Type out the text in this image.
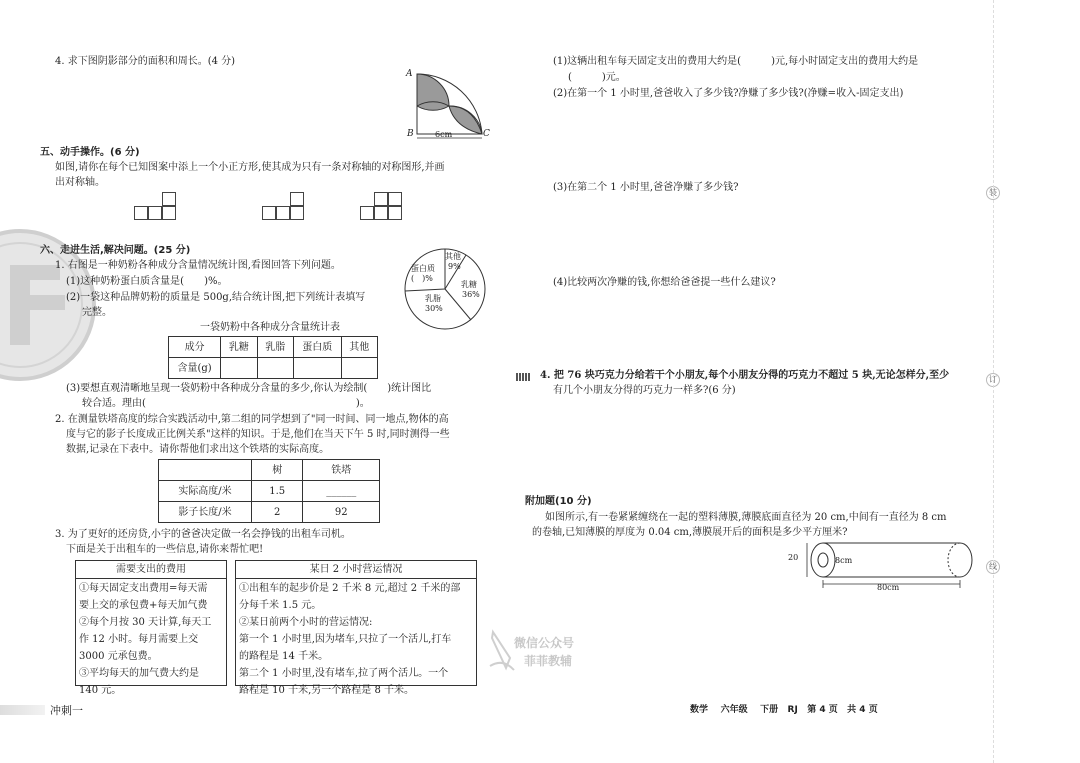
4. 求下图阴影部分的面积和周长。(4 分)
A
B	C
6cm
五、动手操作。(6 分)
如图,请你在每个已知图案中添上一个小正方形,使其成为只有一条对称轴的对称图形,并画
出对称轴。
六、走进生活,解决问题。(25 分)
1. 右图是一种奶粉各种成分含量情况统计图,看图回答下列问题。
(1)这种奶粉蛋白质含量是(　　)%。
(2)一袋这种品牌奶粉的质量是 500g,结合统计图,把下列统计表填写
完整。
其他
9%
乳糖
36%
乳脂
30%
蛋白质
(　)%
一袋奶粉中各种成分含量统计表
成分	乳糖	乳脂	蛋白质	其他
含量(g)				
(3)要想直观清晰地呈现一袋奶粉中各种成分含量的多少,你认为绘制(　　)统计图比
较合适。理由(　　　　　　　　　　　　　　　　　　　　　)。
2. 在测量铁塔高度的综合实践活动中,第二组的同学想到了"同一时间、同一地点,物体的高
度与它的影子长度成正比例关系"这样的知识。于是,他们在当天下午 5 时,同时测得一些
数据,记录在下表中。请你帮他们求出这个铁塔的实际高度。
	树	铁塔
实际高度/米	1.5	______
影子长度/米	2	92
3. 为了更好的还房贷,小宇的爸爸决定做一名会挣钱的出租车司机。
下面是关于出租车的一些信息,请你来帮忙吧!
需要支出的费用
①每天固定支出费用=每天需
要上交的承包费+每天加气费
②每个月按 30 天计算,每天工
作 12 小时。每月需要上交
3000 元承包费。
③平均每天的加气费大约是
140 元。
某日 2 小时营运情况
①出租车的起步价是 2 千米 8 元,超过 2 千米的部
分每千米 1.5 元。
②某日前两个小时的营运情况:
第一个 1 小时里,因为堵车,只拉了一个活儿,打车
的路程是 14 千米。
第二个 1 小时里,没有堵车,拉了两个活儿。一个
路程是 10 千米,另一个路程是 8 千米。
冲刺一
微信公众号
菲菲教辅
(1)这辆出租车每天固定支出的费用大约是(　　　)元,每小时固定支出的费用大约是
(　　　)元。
(2)在第一个 1 小时里,爸爸收入了多少钱?净赚了多少钱?(净赚=收入-固定支出)
(3)在第二个 1 小时里,爸爸净赚了多少钱?
(4)比较两次净赚的钱,你想给爸爸提一些什么建议?
4. 把 76 块巧克力分给若干个小朋友,每个小朋友分得的巧克力不超过 5 块,无论怎样分,至少
有几个小朋友分得的巧克力一样多?(6 分)
附加题(10 分)
如图所示,有一卷紧紧缠绕在一起的塑料薄膜,薄膜底面直径为 20 cm,中间有一直径为 8 cm
的卷轴,已知薄膜的厚度为 0.04 cm,薄膜展开后的面积是多少平方厘米?
20	8cm
80cm
数学 六年级 下册 RJ 第 4 页 共 4 页
装
订
线
